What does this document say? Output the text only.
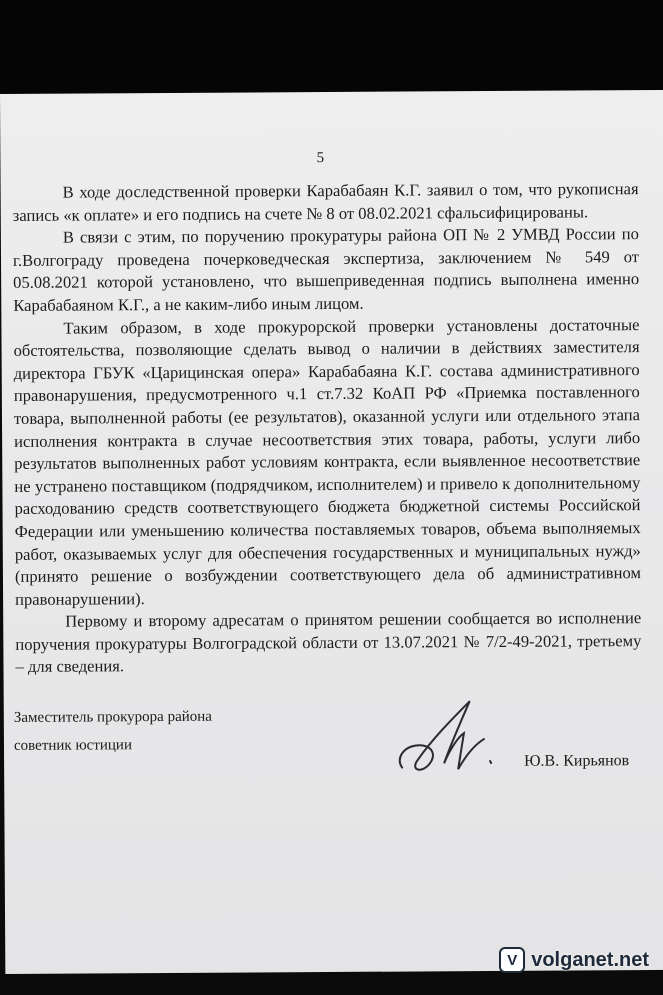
5

В ходе доследственной проверки Карабабаян К.Г. заявил о том, что рукописная запись «к оплате» и его подпись на счете № 8 от 08.02.2021 сфальсифицированы.

В связи с этим, по поручению прокуратуры района ОП № 2 УМВД России по г.Волгограду проведена почерковедческая экспертиза, заключением № 549 от 05.08.2021 которой установлено, что вышеприведенная подпись выполнена именно Карабабаяном К.Г., а не каким-либо иным лицом.

Таким образом, в ходе прокурорской проверки установлены достаточные обстоятельства, позволяющие сделать вывод о наличии в действиях заместителя директора ГБУК «Царицинская опера» Карабабаяна К.Г. состава административного правонарушения, предусмотренного ч.1 ст.7.32 КоАП РФ «Приемка поставленного товара, выполненной работы (ее результатов), оказанной услуги или отдельного этапа исполнения контракта в случае несоответствия этих товара, работы, услуги либо результатов выполненных работ условиям контракта, если выявленное несоответствие не устранено поставщиком (подрядчиком, исполнителем) и привело к дополнительному расходованию средств соответствующего бюджета бюджетной системы Российской Федерации или уменьшению количества поставляемых товаров, объема выполняемых работ, оказываемых услуг для обеспечения государственных и муниципальных нужд» (принято решение о возбуждении соответствующего дела об административном правонарушении).

Первому и второму адресатам о принятом решении сообщается во исполнение поручения прокуратуры Волгоградской области от 13.07.2021 № 7/2-49-2021, третьему – для сведения.

Заместитель прокурора района
советник юстиции
Ю.В. Кирьянов
V volganet.net
